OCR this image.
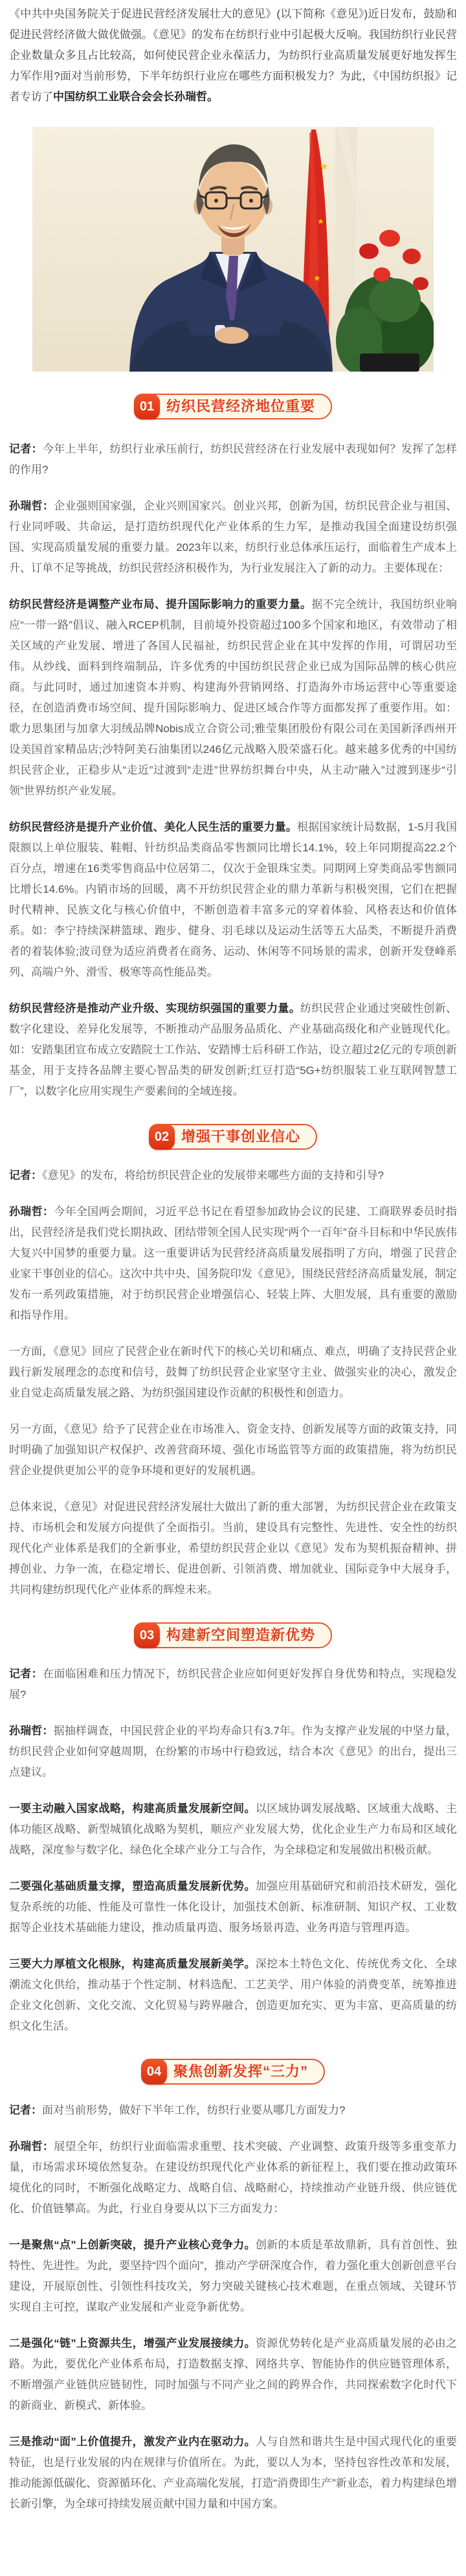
《中共中央国务院关于促进民营经济发展壮大的意见》(以下简称《意见》)近日发布，鼓励和促进民营经济做大做优做强。《意见》的发布在纺织行业中引起极大反响。我国纺织行业民营企业数量众多且占比较高，如何使民营企业永葆活力，为纺织行业高质量发展更好地发挥生力军作用?面对当前形势，下半年纺织行业应在哪些方面积极发力？为此，《中国纺织报》记者专访了中国纺织工业联合会会长孙瑞哲。

★
★
★
01 纺织民营经济地位重要

记者：今年上半年，纺织行业承压前行，纺织民营经济在行业发展中表现如何？发挥了怎样的作用?

孙瑞哲：企业强则国家强，企业兴则国家兴。创业兴邦，创新为国，纺织民营企业与祖国、行业同呼吸、共命运，是打造纺织现代化产业体系的生力军，是推动我国全面建设纺织强国、实现高质量发展的重要力量。2023年以来，纺织行业总体承压运行，面临着生产成本上升、订单不足等挑战，纺织民营经济积极作为，为行业发展注入了新的动力。主要体现在：

纺织民营经济是调整产业布局、提升国际影响力的重要力量。据不完全统计，我国纺织业响应“一带一路”倡议、融入RCEP机制，目前境外投资超过100多个国家和地区，有效带动了相关区域的产业发展、增进了各国人民福祉，纺织民营企业在其中发挥的作用，可谓居功至伟。从纱线、面料到终端制品，许多优秀的中国纺织民营企业已成为国际品牌的核心供应商。与此同时，通过加速资本并购、构建海外营销网络、打造海外市场运营中心等重要途径，在创造消费市场空间、提升国际影响力、促进区域合作等方面都发挥了重要作用。如：歌力思集团与加拿大羽绒品牌Nobis成立合资公司;雅莹集团股份有限公司在美国新泽西州开设美国首家精品店;沙特阿美石油集团以246亿元战略入股荣盛石化。越来越多优秀的中国纺织民营企业，正稳步从“走近”过渡到“走进”世界纺织舞台中央，从主动“融入”过渡到逐步“引领”世界纺织产业发展。

纺织民营经济是提升产业价值、美化人民生活的重要力量。根据国家统计局数据，1-5月我国限额以上单位服装、鞋帽、针纺织品类商品零售额同比增长14.1%，较上年同期提高22.2个百分点，增速在16类零售商品中位居第二，仅次于金银珠宝类。同期网上穿类商品零售额同比增长14.6%。内销市场的回暖，离不开纺织民营企业的鼎力革新与积极突围，它们在把握时代精神、民族文化与核心价值中，不断创造着丰富多元的穿着体验、风格表达和价值体系。如：李宁持续深耕篮球、跑步、健身、羽毛球以及运动生活等五大品类，不断提升消费者的着装体验;波司登为适应消费者在商务、运动、休闲等不同场景的需求，创新开发登峰系列、高端户外、滑雪、极寒等高性能品类。

纺织民营经济是推动产业升级、实现纺织强国的重要力量。纺织民营企业通过突破性创新、数字化建设、差异化发展等，不断推动产品服务品质化、产业基础高级化和产业链现代化。如：安踏集团宣布成立安踏院士工作站、安踏博士后科研工作站，设立超过2亿元的专项创新基金，用于支持各品牌主要心智品类的研发创新;红豆打造“5G+纺织服装工业互联网智慧工厂”，以数字化应用实现生产要素间的全域连接。

02 增强干事创业信心

记者：《意见》的发布，将给纺织民营企业的发展带来哪些方面的支持和引导?

孙瑞哲：今年全国两会期间，习近平总书记在看望参加政协会议的民建、工商联界委员时指出，民营经济是我们党长期执政、团结带领全国人民实现“两个一百年”奋斗目标和中华民族伟大复兴中国梦的重要力量。这一重要讲话为民营经济高质量发展指明了方向，增强了民营企业家干事创业的信心。这次中共中央、国务院印发《意见》，围绕民营经济高质量发展，制定发布一系列政策措施，对于纺织民营企业增强信心、轻装上阵、大胆发展，具有重要的激励和指导作用。

一方面，《意见》回应了民营企业在新时代下的核心关切和痛点、难点，明确了支持民营企业践行新发展理念的态度和信号，鼓舞了纺织民营企业家坚守主业、做强实业的决心，激发企业自觉走高质量发展之路、为纺织强国建设作贡献的积极性和创造力。

另一方面，《意见》给予了民营企业在市场准入、资金支持、创新发展等方面的政策支持，同时明确了加强知识产权保护、改善营商环境、强化市场监管等方面的政策措施，将为纺织民营企业提供更加公平的竞争环境和更好的发展机遇。

总体来说，《意见》对促进民营经济发展壮大做出了新的重大部署，为纺织民营企业在政策支持、市场机会和发展方向提供了全面指引。当前，建设具有完整性、先进性、安全性的纺织现代化产业体系是我们的全新事业，希望纺织民营企业以《意见》发布为契机振奋精神、拼搏创业、力争一流，在稳定增长、促进创新、引领消费、增加就业、国际竞争中大展身手，共同构建纺织现代化产业体系的辉煌未来。

03 构建新空间塑造新优势

记者：在面临困难和压力情况下，纺织民营企业应如何更好发挥自身优势和特点，实现稳发展?

孙瑞哲：据抽样调查，中国民营企业的平均寿命只有3.7年。作为支撑产业发展的中坚力量，纺织民营企业如何穿越周期，在纷繁的市场中行稳致远，结合本次《意见》的出台，提出三点建议。

一要主动融入国家战略，构建高质量发展新空间。以区域协调发展战略、区域重大战略、主体功能区战略、新型城镇化战略为契机，顺应产业发展大势，优化企业生产力布局和区域化战略，深度参与数字化、绿色化全球产业分工与合作，为全球稳定和发展做出积极贡献。

二要强化基础质量支撑，塑造高质量发展新优势。加强应用基础研究和前沿技术研发，强化复杂系统的功能、性能及可靠性一体化设计，加强技术创新、标准研制、知识产权、工业数据等企业技术基础能力建设，推动质量再造、服务场景再造、业务再造与管理再造。

三要大力厚植文化根脉，构建高质量发展新美学。深挖本土特色文化、传统优秀文化、全球潮流文化供给，推动基于个性定制、材料选配、工艺美学、用户体验的消费变革，统筹推进企业文化创新、文化交流、文化贸易与跨界融合，创造更加充实、更为丰富、更高质量的纺织文化生活。

04 聚焦创新发挥“三力”

记者：面对当前形势，做好下半年工作，纺织行业要从哪几方面发力?

孙瑞哲：展望全年，纺织行业面临需求重塑、技术突破、产业调整、政策升级等多重变革力量，市场需求环境依然复杂。在建设纺织现代化产业体系的新征程上，我们要在推动政策环境优化的同时，不断强化战略定力、战略自信、战略耐心，持续推动产业链升级、供应链优化、价值链攀高。为此，行业自身要从以下三方面发力：

一是聚焦“点”上创新突破，提升产业核心竞争力。创新的本质是革故鼎新，具有首创性、独特性、先进性。为此，要坚持“四个面向”，推动产学研深度合作，着力强化重大创新创意平台建设，开展原创性、引领性科技攻关，努力突破关键核心技术难题，在重点领域、关键环节实现自主可控，谋取产业发展和产业竞争新优势。

二是强化“链”上资源共生，增强产业发展接续力。资源优势转化是产业高质量发展的必由之路。为此，要优化产业体系布局，打造数据支撑、网络共享、智能协作的供应链管理体系，不断增强产业链供应链韧性，同时加强与不同产业之间的跨界合作，共同探索数字化时代下的新商业、新模式、新体验。

三是推动“面”上价值提升，激发产业内在驱动力。人与自然和谐共生是中国式现代化的重要特征，也是行业发展的内在规律与价值所在。为此，要以人为本，坚持包容性改革和发展，推动能源低碳化、资源循环化、产业高端化发展，打造“消费即生产”新业态，着力构建绿色增长新引擎，为全球可持续发展贡献中国力量和中国方案。
